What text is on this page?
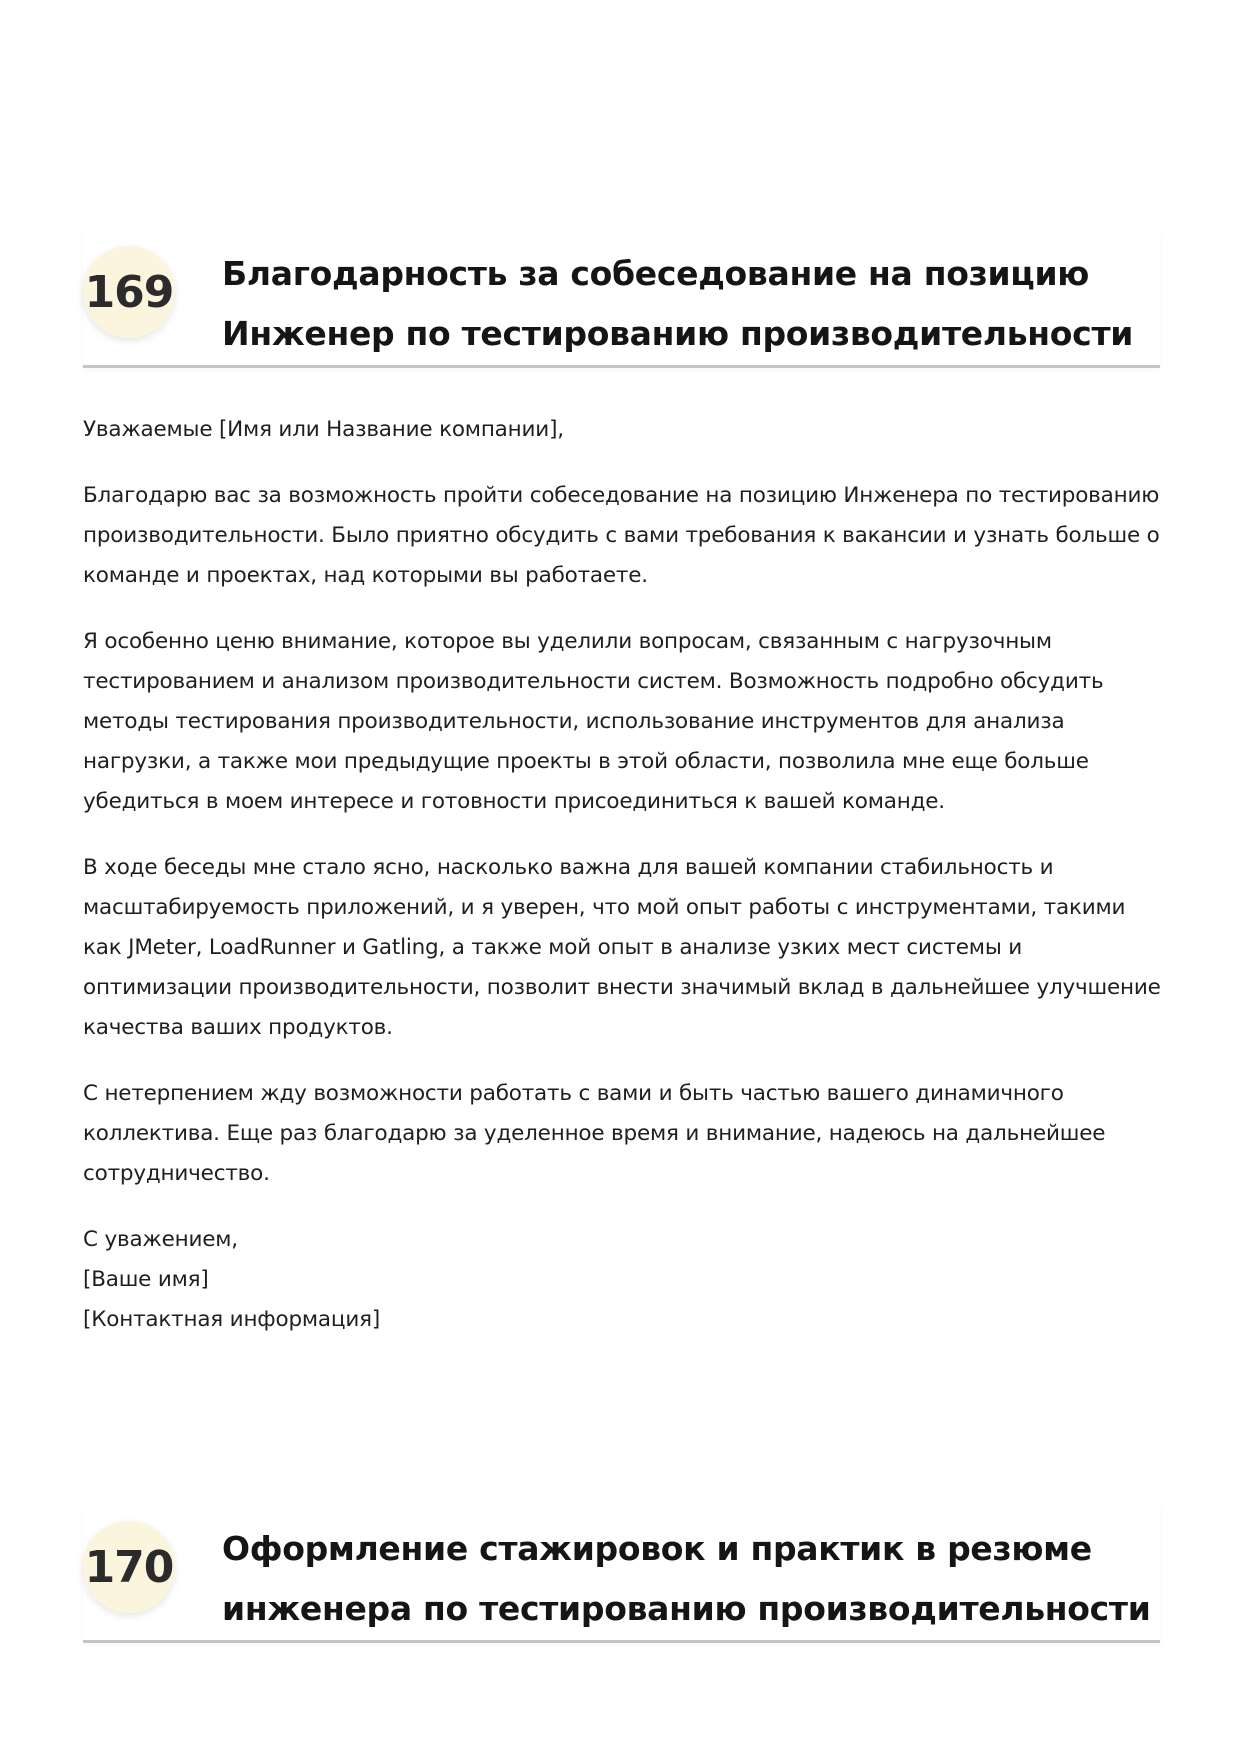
169 Благодарность за собеседование на позицию
Инженер по тестированию производительности

Уважаемые [Имя или Название компании],

Благодарю вас за возможность пройти собеседование на позицию Инженера по тестированию производительности. Было приятно обсудить с вами требования к вакансии и узнать больше о команде и проектах, над которыми вы работаете.

Я особенно ценю внимание, которое вы уделили вопросам, связанным с нагрузочным тестированием и анализом производительности систем. Возможность подробно обсудить методы тестирования производительности, использование инструментов для анализа нагрузки, а также мои предыдущие проекты в этой области, позволила мне еще больше убедиться в моем интересе и готовности присоединиться к вашей команде.

В ходе беседы мне стало ясно, насколько важна для вашей компании стабильность и масштабируемость приложений, и я уверен, что мой опыт работы с инструментами, такими как JMeter, LoadRunner и Gatling, а также мой опыт в анализе узких мест системы и оптимизации производительности, позволит внести значимый вклад в дальнейшее улучшение качества ваших продуктов.

С нетерпением жду возможности работать с вами и быть частью вашего динамичного коллектива. Еще раз благодарю за уделенное время и внимание, надеюсь на дальнейшее сотрудничество.

С уважением,
[Ваше имя]
[Контактная информация]
170 Оформление стажировок и практик в резюме
инженера по тестированию производительности
